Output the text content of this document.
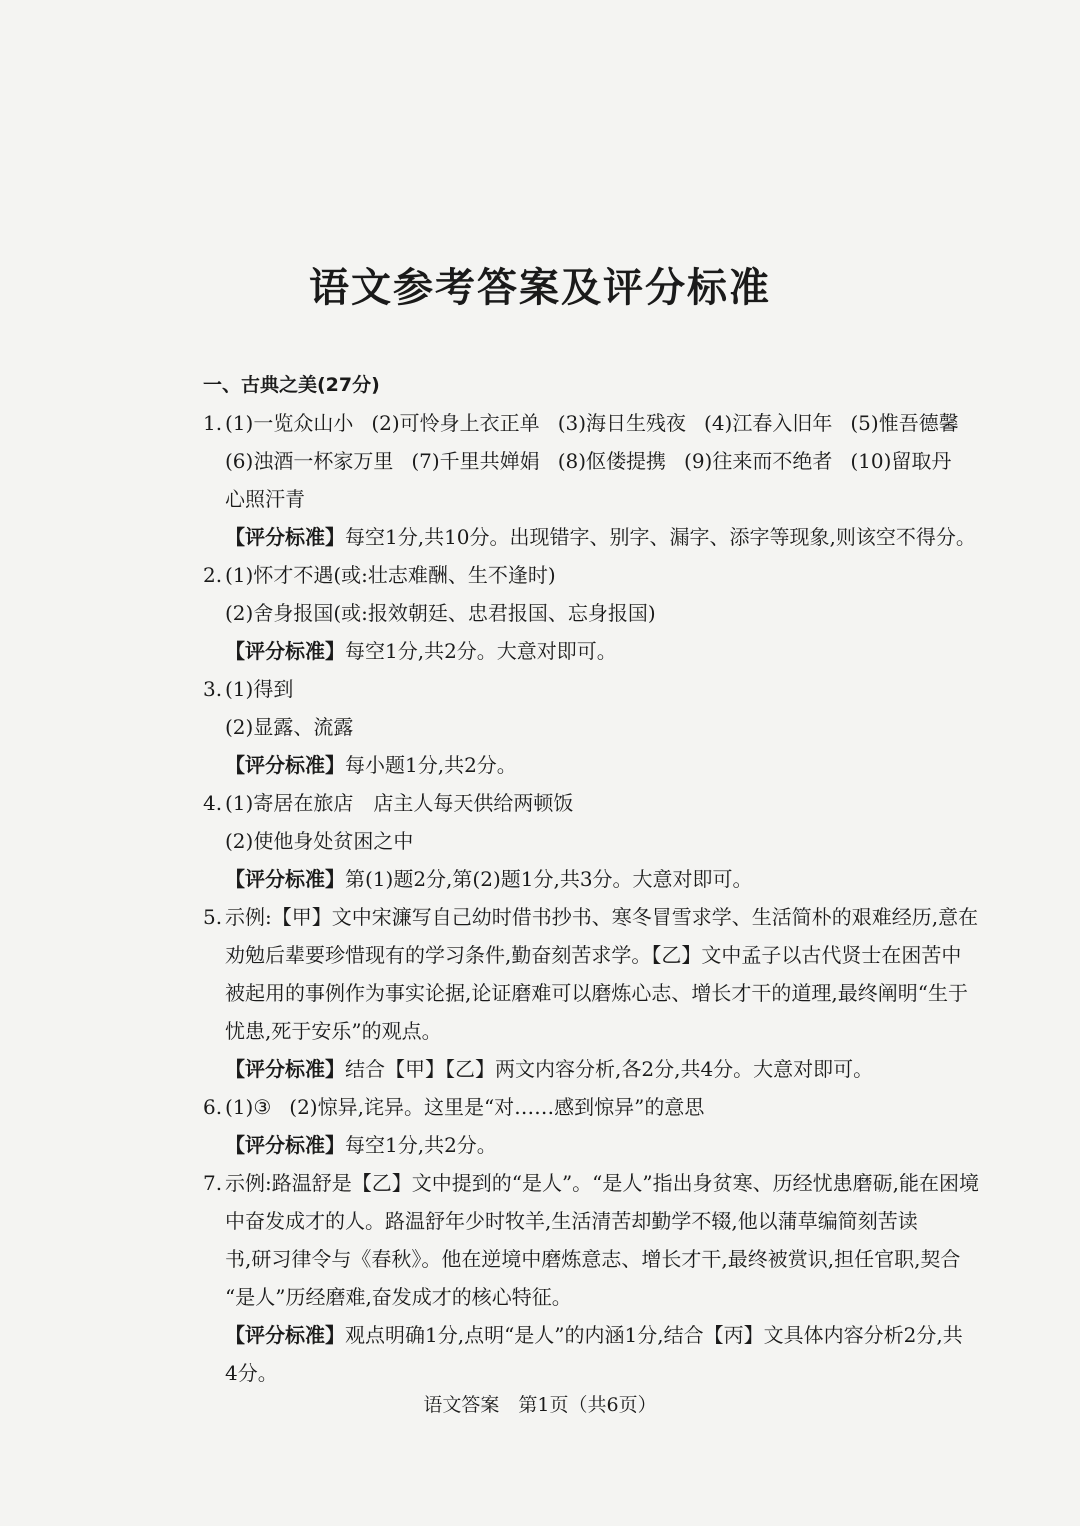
语文参考答案及评分标准
一、古典之美(27分)
1. (1)一览众山小 (2)可怜身上衣正单 (3)海日生残夜 (4)江春入旧年 (5)惟吾德馨
(6)浊酒一杯家万里 (7)千里共婵娟 (8)伛偻提携 (9)往来而不绝者 (10)留取丹
心照汗青
【评分标准】每空1分,共10分。出现错字、别字、漏字、添字等现象,则该空不得分。
2. (1)怀才不遇(或:壮志难酬、生不逢时)
(2)舍身报国(或:报效朝廷、忠君报国、忘身报国)
【评分标准】每空1分,共2分。大意对即可。
3. (1)得到
(2)显露、流露
【评分标准】每小题1分,共2分。
4. (1)寄居在旅店　店主人每天供给两顿饭
(2)使他身处贫困之中
【评分标准】第(1)题2分,第(2)题1分,共3分。大意对即可。
5. 示例:【甲】文中宋濂写自己幼时借书抄书、寒冬冒雪求学、生活简朴的艰难经历,意在
劝勉后辈要珍惜现有的学习条件,勤奋刻苦求学。【乙】文中孟子以古代贤士在困苦中
被起用的事例作为事实论据,论证磨难可以磨炼心志、增长才干的道理,最终阐明“生于
忧患,死于安乐”的观点。
【评分标准】结合【甲】【乙】两文内容分析,各2分,共4分。大意对即可。
6. (1)③ (2)惊异,诧异。这里是“对……感到惊异”的意思
【评分标准】每空1分,共2分。
7. 示例:路温舒是【乙】文中提到的“是人”。“是人”指出身贫寒、历经忧患磨砺,能在困境
中奋发成才的人。路温舒年少时牧羊,生活清苦却勤学不辍,他以蒲草编简刻苦读
书,研习律令与《春秋》。他在逆境中磨炼意志、增长才干,最终被赏识,担任官职,契合
“是人”历经磨难,奋发成才的核心特征。
【评分标准】观点明确1分,点明“是人”的内涵1分,结合【丙】文具体内容分析2分,共
4分。
语文答案　第1页（共6页）
